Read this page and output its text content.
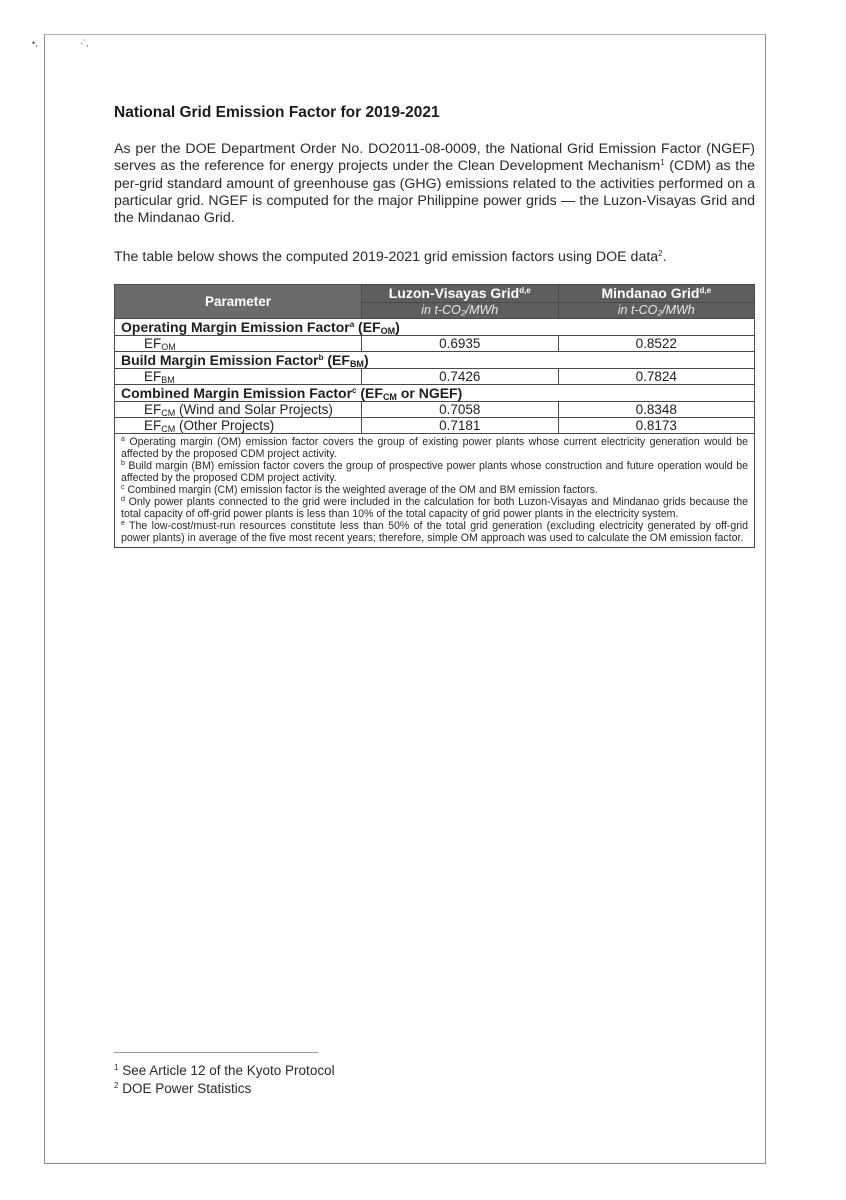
•,	·ʾ,
National Grid Emission Factor for 2019-2021

As per the DOE Department Order No. DO2011-08-0009, the National Grid Emission Factor (NGEF) serves as the reference for energy projects under the Clean Development Mechanism$^1$ (CDM) as the per-grid standard amount of greenhouse gas (GHG) emissions related to the activities performed on a particular grid. NGEF is computed for the major Philippine power grids — the Luzon-Visayas Grid and the Mindanao Grid.

The table below shows the computed 2019-2021 grid emission factors using DOE data$^2$.

Parameter	Luzon-Visayas Grid$^{d,e}$	Mindanao Grid$^{d,e}$
	in t-CO₂/MWh	in t-CO₂/MWh
Operating Margin Emission Factor$^a$ $(EF_{OM})$		
$EF_{OM}$	0.6935	0.8522
Build Margin Emission Factor$^b$ $(EF_{BM})$		
$EF_{BM}$	0.7426	0.7824
Combined Margin Emission Factor$^c$ ($EF_{CM}$ or NGEF)		
$EF_{CM}$ (Wind and Solar Projects)	0.7058	0.8348
$EF_{CM}$ (Other Projects)	0.7181	0.8173

$^a$ Operating margin (OM) emission factor covers the group of existing power plants whose current electricity generation would be affected by the proposed CDM project activity.

$^b$ Build margin (BM) emission factor covers the group of prospective power plants whose construction and future operation would be affected by the proposed CDM project activity.

$^c$ Combined margin (CM) emission factor is the weighted average of the OM and BM emission factors.

$^d$ Only power plants connected to the grid were included in the calculation for both Luzon-Visayas and Mindanao grids because the total capacity of off-grid power plants is less than 10% of the total capacity of grid power plants in the electricity system.

$^e$ The low-cost/must-run resources constitute less than 50% of the total grid generation (excluding electricity generated by off-grid power plants) in average of the five most recent years; therefore, simple OM approach was used to calculate the OM emission factor.		

$^1$ See Article 12 of the Kyoto Protocol

$^2$ DOE Power Statistics
